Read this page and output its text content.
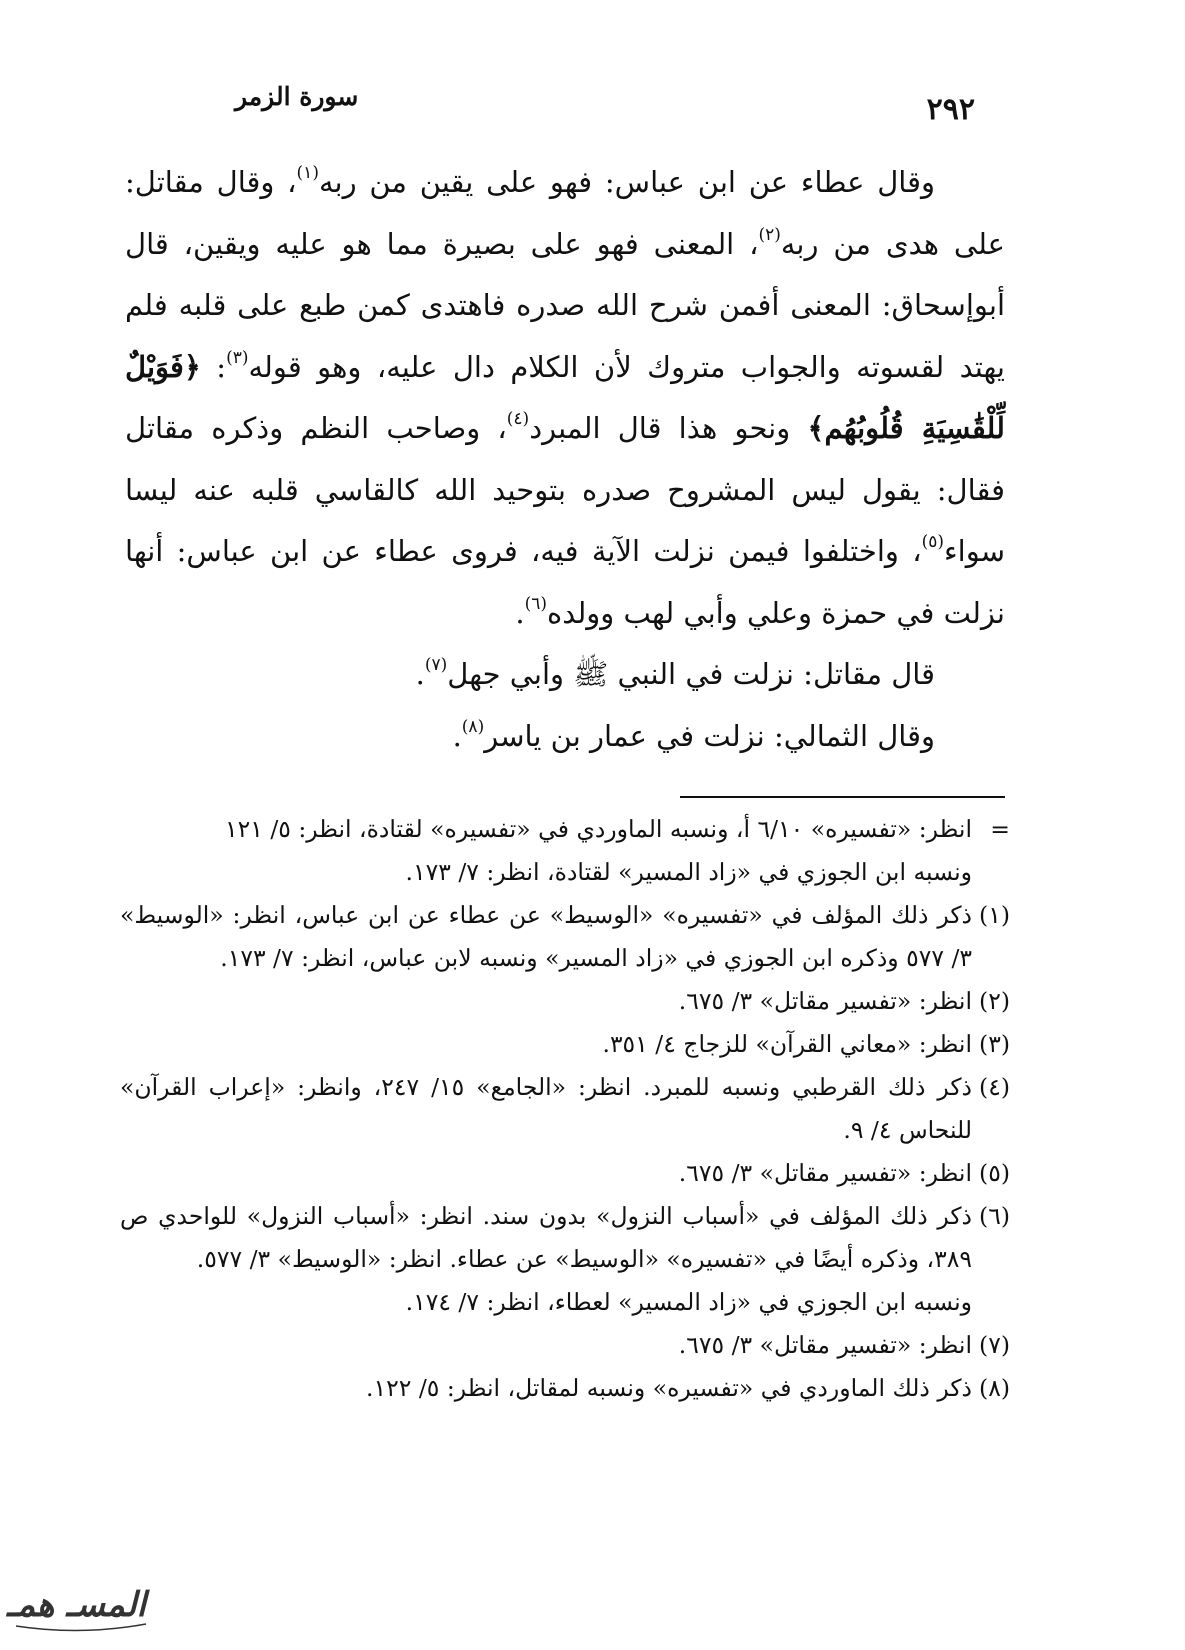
٢٩٢
سورة الزمر

وقال عطاء عن ابن عباس: فهو على يقين من ربه$^{(١)}$، وقال مقاتل: على هدى من ربه$^{(٢)}$، المعنى فهو على بصيرة مما هو عليه ويقين، قال أبوإسحاق: المعنى أفمن شرح الله صدره فاهتدى كمن طبع على قلبه فلم يهتد لقسوته والجواب متروك لأن الكلام دال عليه، وهو قوله$^{(٣)}$: ﴿فَوَيْلٌ لِّلْقَٰسِيَةِ قُلُوبُهُم﴾ ونحو هذا قال المبرد$^{(٤)}$، وصاحب النظم وذكره مقاتل فقال: يقول ليس المشروح صدره بتوحيد الله كالقاسي قلبه عنه ليسا سواء$^{(٥)}$، واختلفوا فيمن نزلت الآية فيه، فروى عطاء عن ابن عباس: أنها نزلت في حمزة وعلي وأبي لهب وولده$^{(٦)}$.

قال مقاتل: نزلت في النبي ﷺ وأبي جهل$^{(٧)}$.

وقال الثمالي: نزلت في عمار بن ياسر$^{(٨)}$.

=
انظر: «تفسيره» ٦/١٠ أ، ونسبه الماوردي في «تفسيره» لقتادة، انظر: ٥/ ١٢١
ونسبه ابن الجوزي في «زاد المسير» لقتادة، انظر: ٧/ ١٧٣.
(١)
ذكر ذلك المؤلف في «تفسيره» «الوسيط» عن عطاء عن ابن عباس، انظر: «الوسيط» ٣/ ٥٧٧ وذكره ابن الجوزي في «زاد المسير» ونسبه لابن عباس، انظر: ٧/ ١٧٣.
(٢)
انظر: «تفسير مقاتل» ٣/ ٦٧٥.
(٣)
انظر: «معاني القرآن» للزجاج ٤/ ٣٥١.
(٤)
ذكر ذلك القرطبي ونسبه للمبرد. انظر: «الجامع» ١٥/ ٢٤٧، وانظر: «إعراب القرآن» للنحاس ٤/ ٩.
(٥)
انظر: «تفسير مقاتل» ٣/ ٦٧٥.
(٦)
ذكر ذلك المؤلف في «أسباب النزول» بدون سند. انظر: «أسباب النزول» للواحدي ص ٣٨٩، وذكره أيضًا في «تفسيره» «الوسيط» عن عطاء. انظر: «الوسيط» ٣/ ٥٧٧.
ونسبه ابن الجوزي في «زاد المسير» لعطاء، انظر: ٧/ ١٧٤.
(٧)
انظر: «تفسير مقاتل» ٣/ ٦٧٥.
(٨)
ذكر ذلك الماوردي في «تفسيره» ونسبه لمقاتل، انظر: ٥/ ١٢٢.
المسـ همـ
